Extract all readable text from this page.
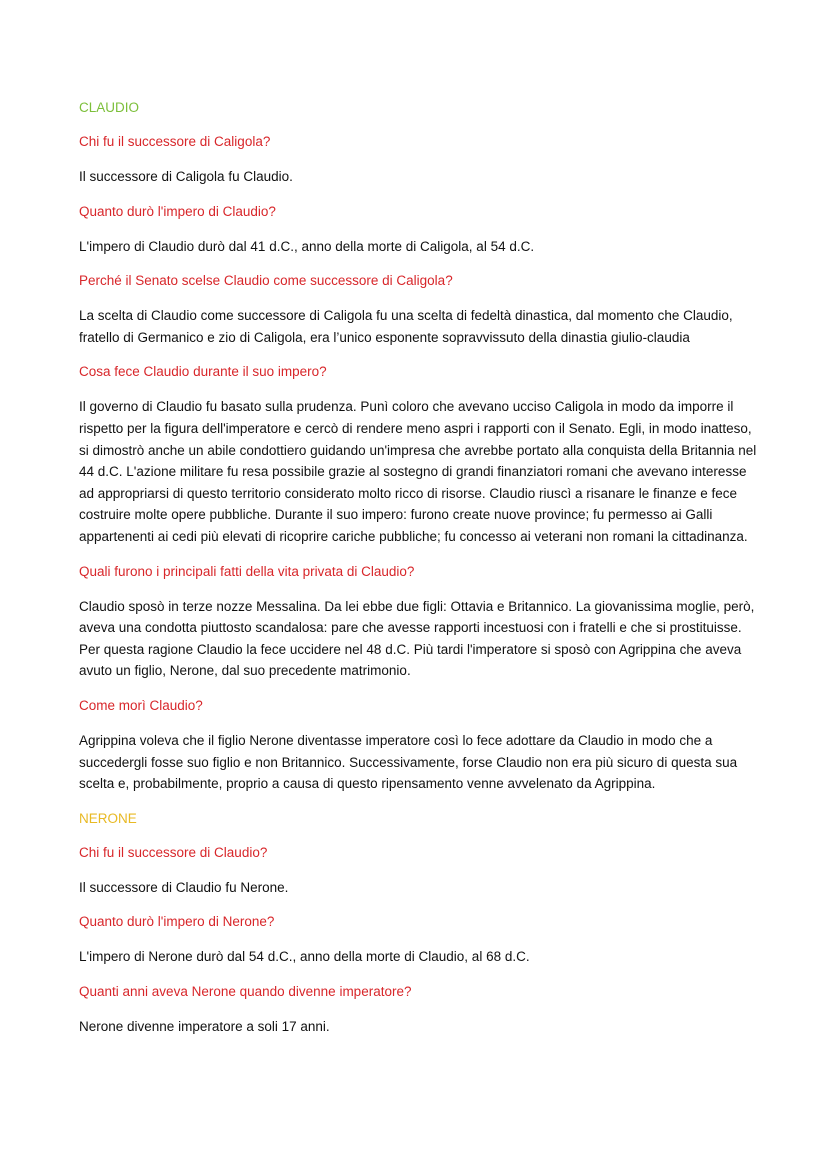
CLAUDIO
Chi fu il successore di Caligola?
Il successore di Caligola fu Claudio.
Quanto durò l'impero di Claudio?
L'impero di Claudio durò dal 41 d.C., anno della morte di Caligola, al 54 d.C.
Perché il Senato scelse Claudio come successore di Caligola?
La scelta di Claudio come successore di Caligola fu una scelta di fedeltà dinastica, dal momento che Claudio, fratello di Germanico e zio di Caligola, era l’unico esponente sopravvissuto della dinastia giulio-claudia
Cosa fece Claudio durante il suo impero?
Il governo di Claudio fu basato sulla prudenza. Punì coloro che avevano ucciso Caligola in modo da imporre il rispetto per la figura dell'imperatore e cercò di rendere meno aspri i rapporti con il Senato. Egli, in modo inatteso, si dimostrò anche un abile condottiero guidando un'impresa che avrebbe portato alla conquista della Britannia nel 44 d.C. L'azione militare fu resa possibile grazie al sostegno di grandi finanziatori romani che avevano interesse ad appropriarsi di questo territorio considerato molto ricco di risorse. Claudio riuscì a risanare le finanze e fece costruire molte opere pubbliche. Durante il suo impero: furono create nuove province; fu permesso ai Galli appartenenti ai cedi più elevati di ricoprire cariche pubbliche; fu concesso ai veterani non romani la cittadinanza.
Quali furono i principali fatti della vita privata di Claudio?
Claudio sposò in terze nozze Messalina. Da lei ebbe due figli: Ottavia e Britannico. La giovanissima moglie, però, aveva una condotta piuttosto scandalosa: pare che avesse rapporti incestuosi con i fratelli e che si prostituisse. Per questa ragione Claudio la fece uccidere nel 48 d.C. Più tardi l'imperatore si sposò con Agrippina che aveva avuto un figlio, Nerone, dal suo precedente matrimonio.
Come morì Claudio?
Agrippina voleva che il figlio Nerone diventasse imperatore così lo fece adottare da Claudio in modo che a succedergli fosse suo figlio e non Britannico. Successivamente, forse Claudio non era più sicuro di questa sua scelta e, probabilmente, proprio a causa di questo ripensamento venne avvelenato da Agrippina.
NERONE
Chi fu il successore di Claudio?
Il successore di Claudio fu Nerone.
Quanto durò l'impero di Nerone?
L'impero di Nerone durò dal 54 d.C., anno della morte di Claudio, al 68 d.C.
Quanti anni aveva Nerone quando divenne imperatore?
Nerone divenne imperatore a soli 17 anni.
